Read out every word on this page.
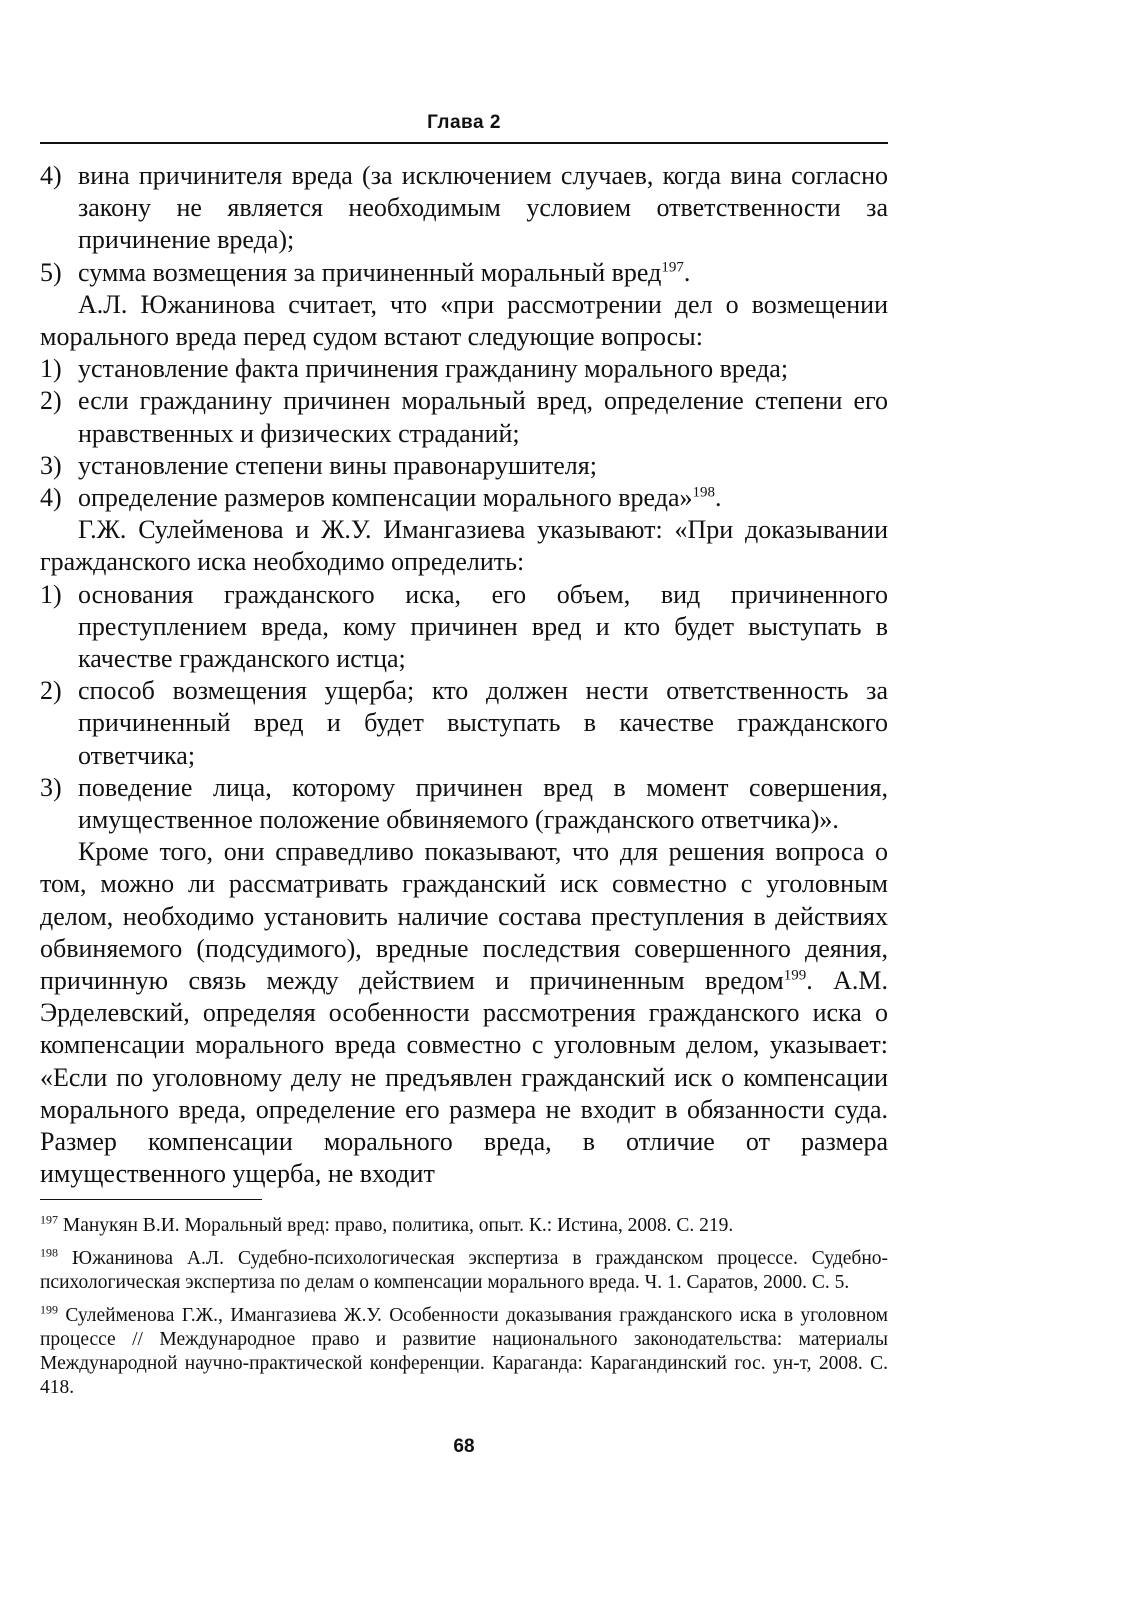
Глава 2
4) вина причинителя вреда (за исключением случаев, когда вина согласно закону не является необходимым условием ответственности за причинение вреда);
5) сумма возмещения за причиненный моральный вред$^{197}$.
А.Л. Южанинова считает, что «при рассмотрении дел о возмещении морального вреда перед судом встают следующие вопросы:
1) установление факта причинения гражданину морального вреда;
2) если гражданину причинен моральный вред, определение степени его нравственных и физических страданий;
3) установление степени вины правонарушителя;
4) определение размеров компенсации морального вреда»$^{198}$.
Г.Ж. Сулейменова и Ж.У. Имангазиева указывают: «При доказывании гражданского иска необходимо определить:
1) основания гражданского иска, его объем, вид причиненного преступлением вреда, кому причинен вред и кто будет выступать в качестве гражданского истца;
2) способ возмещения ущерба; кто должен нести ответственность за причиненный вред и будет выступать в качестве гражданского ответчика;
3) поведение лица, которому причинен вред в момент совершения, имущественное положение обвиняемого (гражданского ответчика)».
Кроме того, они справедливо показывают, что для решения вопроса о том, можно ли рассматривать гражданский иск совместно с уголовным делом, необходимо установить наличие состава преступления в действиях обвиняемого (подсудимого), вредные последствия совершенного деяния, причинную связь между действием и причиненным вредом$^{199}$. А.М. Эрделевский, определяя особенности рассмотрения гражданского иска о компенсации морального вреда совместно с уголовным делом, указывает: «Если по уголовному делу не предъявлен гражданский иск о компенсации морального вреда, определение его размера не входит в обязанности суда. Размер компенсации морального вреда, в отличие от размера имущественного ущерба, не входит
$^{197}$ Манукян В.И. Моральный вред: право, политика, опыт. К.: Истина, 2008. С. 219.
$^{198}$ Южанинова А.Л. Судебно-психологическая экспертиза в гражданском процессе. Судебно-психологическая экспертиза по делам о компенсации морального вреда. Ч. 1. Саратов, 2000. С. 5.
$^{199}$ Сулейменова Г.Ж., Имангазиева Ж.У. Особенности доказывания гражданского иска в уголовном процессе // Международное право и развитие национального законодательства: материалы Международной научно-практической конференции. Караганда: Карагандинский гос. ун-т, 2008. С. 418.
68
